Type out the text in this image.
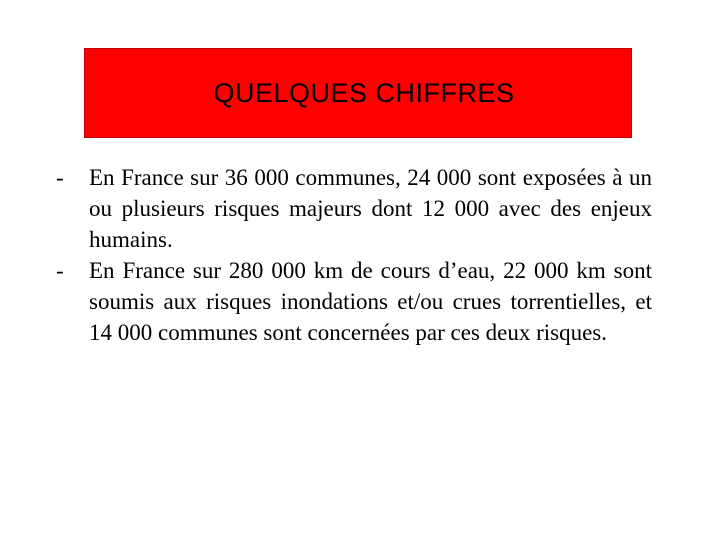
QUELQUES CHIFFRES
-	En France sur 36 000 communes, 24 000 sont exposées à un ou plusieurs risques majeurs dont 12 000 avec des enjeux humains.
-	En France sur 280 000 km de cours d’eau, 22 000 km sont soumis aux risques inondations et/ou crues torrentielles, et 14 000 communes sont concernées par ces deux risques.
